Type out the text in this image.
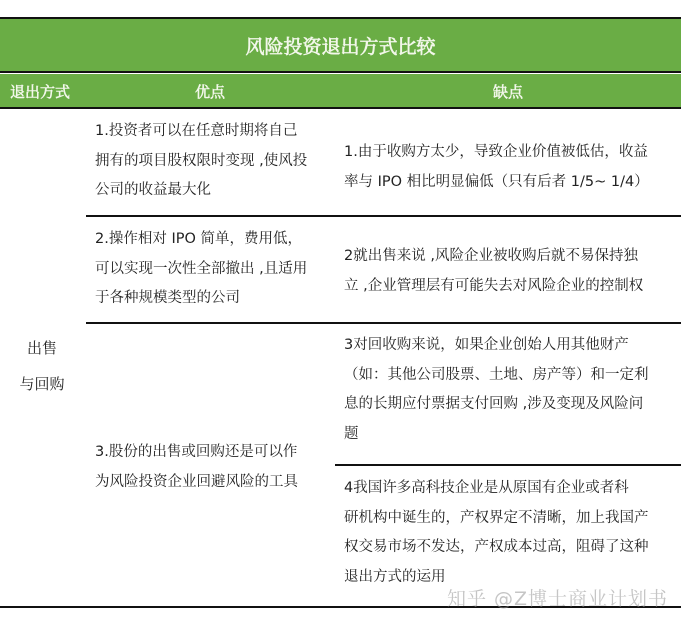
风险投资退出方式比较
退出方式	优点	缺点
出售
与回购
1.投资者可以在任意时期将自己
拥有的项目股权限时变现 ,使风投
公司的收益最大化
2.操作相对 IPO 简单，费用低，
可以实现一次性全部撤出 ,且适用
于各种规模类型的公司
3.股份的出售或回购还是可以作
为风险投资企业回避风险的工具
1.由于收购方太少，导致企业价值被低估，收益
率与 IPO 相比明显偏低（只有后者 1/5~ 1/4）
2就出售来说 ,风险企业被收购后就不易保持独
立 ,企业管理层有可能失去对风险企业的控制权
3对回收购来说，如果企业创始人用其他财产
（如：其他公司股票、土地、房产等）和一定利
息的长期应付票据支付回购 ,涉及变现及风险问
题
4我国许多高科技企业是从原国有企业或者科
研机构中诞生的，产权界定不清晰，加上我国产
权交易市场不发达，产权成本过高，阻碍了这种
退出方式的运用
知乎 @Z博士商业计划书
